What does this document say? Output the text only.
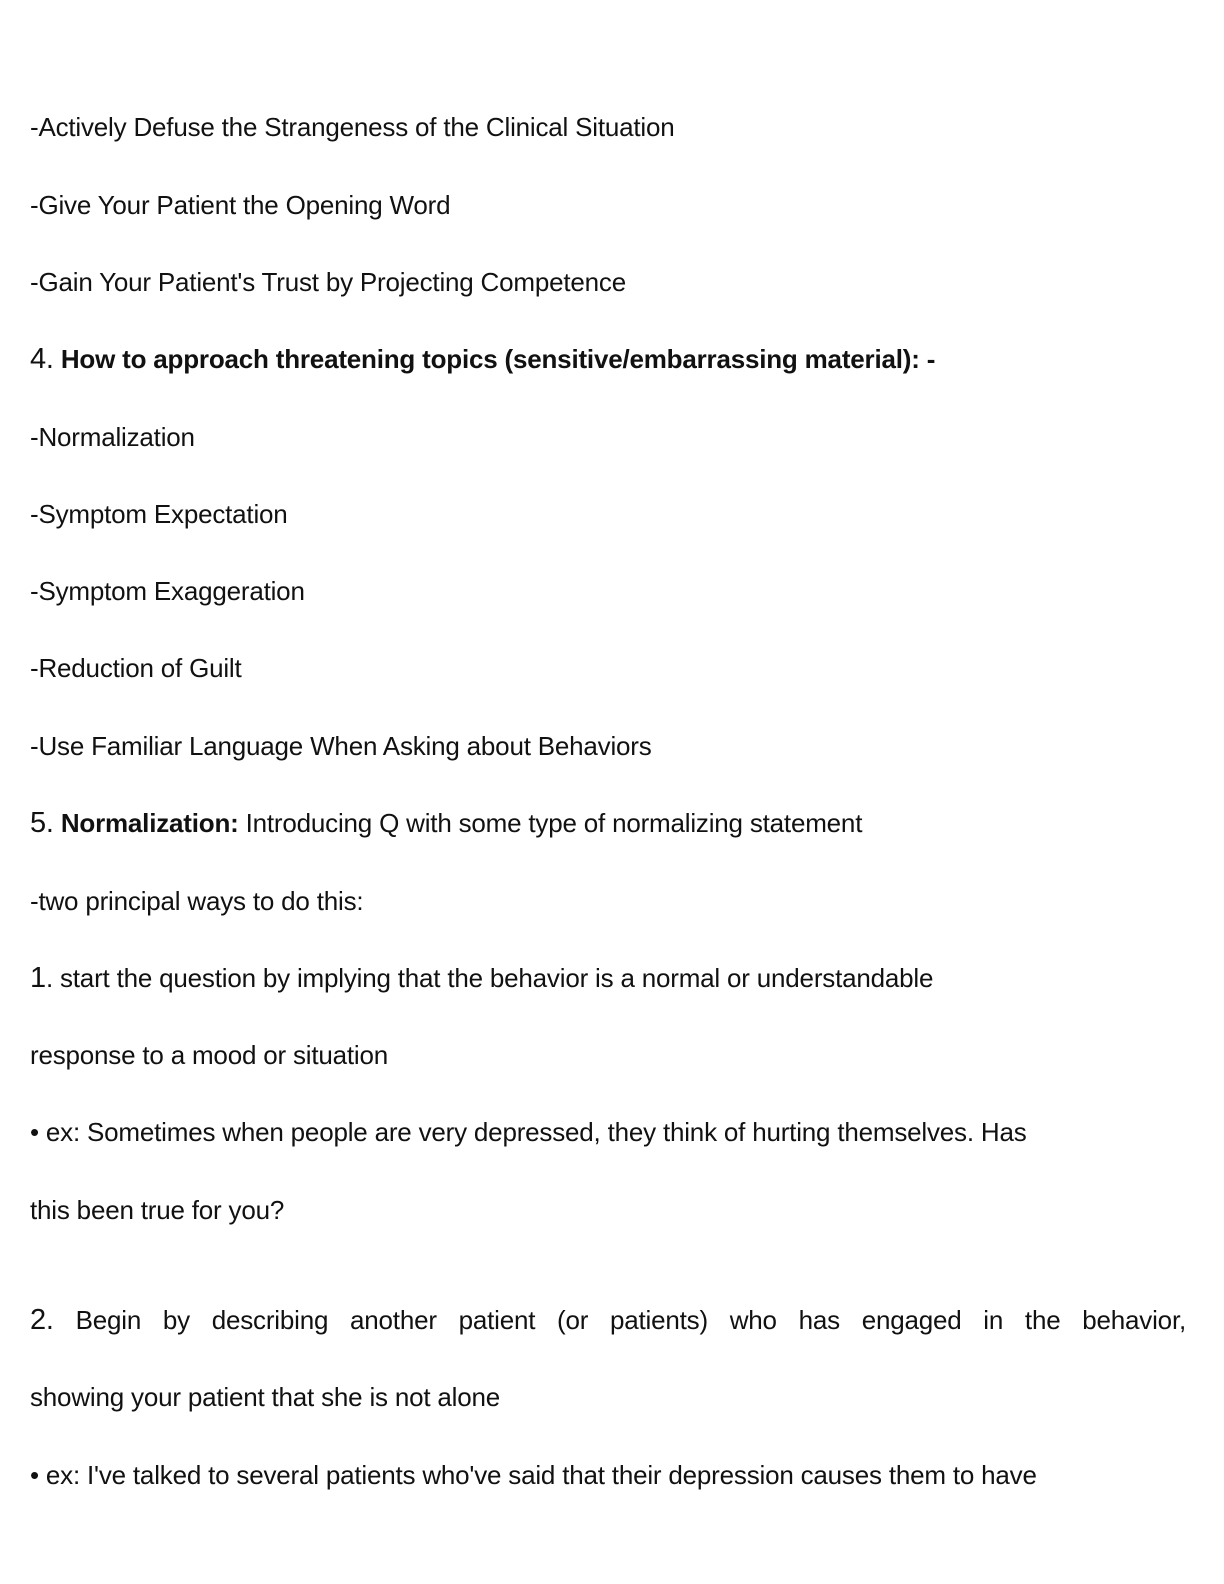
-Actively Defuse the Strangeness of the Clinical Situation
-Give Your Patient the Opening Word
-Gain Your Patient's Trust by Projecting Competence
4. How to approach threatening topics (sensitive/embarrassing material): -
-Normalization
-Symptom Expectation
-Symptom Exaggeration
-Reduction of Guilt
-Use Familiar Language When Asking about Behaviors
5. Normalization: Introducing Q with some type of normalizing statement
-two principal ways to do this:
1. start the question by implying that the behavior is a normal or understandable
response to a mood or situation
• ex: Sometimes when people are very depressed, they think of hurting themselves. Has
this been true for you?
2. Begin by describing another patient (or patients) who has engaged in the behavior,
showing your patient that she is not alone
• ex: I've talked to several patients who've said that their depression causes them to have
